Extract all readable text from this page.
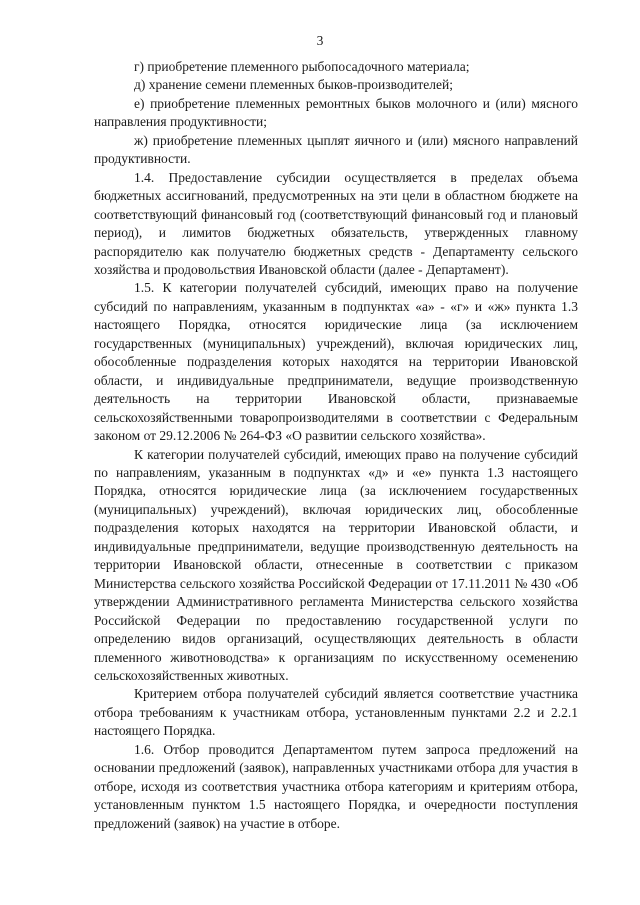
3

г) приобретение племенного рыбопосадочного материала;

д) хранение семени племенных быков-производителей;

е) приобретение племенных ремонтных быков молочного и (или) мясного направления продуктивности;

ж) приобретение племенных цыплят яичного и (или) мясного направлений продуктивности.

1.4. Предоставление субсидии осуществляется в пределах объема бюджетных ассигнований, предусмотренных на эти цели в областном бюджете на соответствующий финансовый год (соответствующий финансовый год и плановый период), и лимитов бюджетных обязательств, утвержденных главному распорядителю как получателю бюджетных средств - Департаменту сельского хозяйства и продовольствия Ивановской области (далее - Департамент).

1.5. К категории получателей субсидий, имеющих право на получение субсидий по направлениям, указанным в подпунктах «а» - «г» и «ж» пункта 1.3 настоящего Порядка, относятся юридические лица (за исключением государственных (муниципальных) учреждений), включая юридических лиц, обособленные подразделения которых находятся на территории Ивановской области, и индивидуальные предприниматели, ведущие производственную деятельность на территории Ивановской области, признаваемые сельскохозяйственными товаропроизводителями в соответствии с Федеральным законом от 29.12.2006 № 264-ФЗ «О развитии сельского хозяйства».

К категории получателей субсидий, имеющих право на получение субсидий по направлениям, указанным в подпунктах «д» и «е» пункта 1.3 настоящего Порядка, относятся юридические лица (за исключением государственных (муниципальных) учреждений), включая юридических лиц, обособленные подразделения которых находятся на территории Ивановской области, и индивидуальные предприниматели, ведущие производственную деятельность на территории Ивановской области, отнесенные в соответствии с приказом Министерства сельского хозяйства Российской Федерации от 17.11.2011 № 430 «Об утверждении Административного регламента Министерства сельского хозяйства Российской Федерации по предоставлению государственной услуги по определению видов организаций, осуществляющих деятельность в области племенного животноводства» к организациям по искусственному осеменению сельскохозяйственных животных.

Критерием отбора получателей субсидий является соответствие участника отбора требованиям к участникам отбора, установленным пунктами 2.2 и 2.2.1 настоящего Порядка.

1.6. Отбор проводится Департаментом путем запроса предложений на основании предложений (заявок), направленных участниками отбора для участия в отборе, исходя из соответствия участника отбора категориям и критериям отбора, установленным пунктом 1.5 настоящего Порядка, и очередности поступления предложений (заявок) на участие в отборе.
